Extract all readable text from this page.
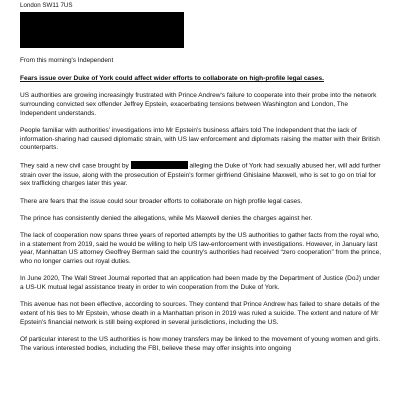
London SW11 7US
From this morning's Independent

Fears issue over Duke of York could affect wider efforts to collaborate on high-profile legal cases.

US authorities are growing increasingly frustrated with Prince Andrew's failure to cooperate into their probe into the network surrounding convicted sex offender Jeffrey Epstein, exacerbating tensions between Washington and London, The Independent understands.

People familiar with authorities' investigations into Mr Epstein's business affairs told The Independent that the lack of information-sharing had caused diplomatic strain, with US law enforcement and diplomats raising the matter with their British counterparts.

They said a new civil case brought by	alleging the Duke of York had sexually abused her, will add further strain over the issue, along with the prosecution of Epstein's former girlfriend Ghislaine Maxwell, who is set to go on trial for sex trafficking charges later this year.

There are fears that the issue could sour broader efforts to collaborate on high profile legal cases.

The prince has consistently denied the allegations, while Ms Maxwell denies the charges against her.

The lack of cooperation now spans three years of reported attempts by the US authorities to gather facts from the royal who, in a statement from 2019, said he would be willing to help US law-enforcement with investigations. However, in January last year, Manhattan US attorney Geoffrey Berman said the country's authorities had received “zero cooperation” from the prince, who no longer carries out royal duties.

In June 2020, The Wall Street Journal reported that an application had been made by the Department of Justice (DoJ) under a US-UK mutual legal assistance treaty in order to win cooperation from the Duke of York.

This avenue has not been effective, according to sources. They contend that Prince Andrew has failed to share details of the extent of his ties to Mr Epstein, whose death in a Manhattan prison in 2019 was ruled a suicide. The extent and nature of Mr Epstein's financial network is still being explored in several jurisdictions, including the US.

Of particular interest to the US authorities is how money transfers may be linked to the movement of young women and girls. The various interested bodies, including the FBI, believe these may offer insights into ongoing
